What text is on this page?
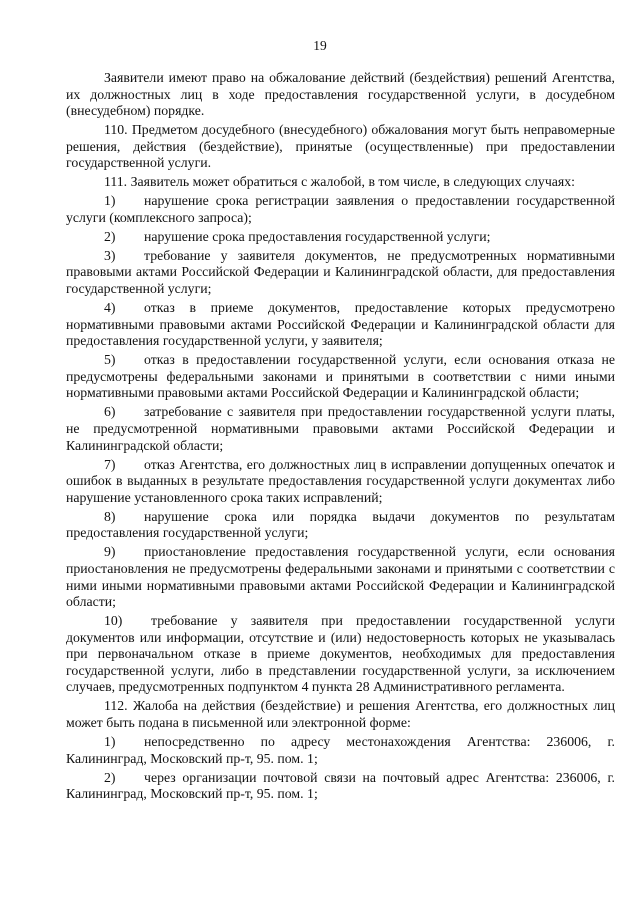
19

Заявители имеют право на обжалование действий (бездействия) решений Агентства, их должностных лиц в ходе предоставления государственной услуги, в досудебном (внесудебном) порядке.

110. Предметом досудебного (внесудебного) обжалования могут быть неправомерные решения, действия (бездействие), принятые (осуществленные) при предоставлении государственной услуги.

111. Заявитель может обратиться с жалобой, в том числе, в следующих случаях:

1) нарушение срока регистрации заявления о предоставлении государственной услуги (комплексного запроса);

2) нарушение срока предоставления государственной услуги;

3) требование у заявителя документов, не предусмотренных нормативными правовыми актами Российской Федерации и Калининградской области, для предоставления государственной услуги;

4) отказ в приеме документов, предоставление которых предусмотрено нормативными правовыми актами Российской Федерации и Калининградской области для предоставления государственной услуги, у заявителя;

5) отказ в предоставлении государственной услуги, если основания отказа не предусмотрены федеральными законами и принятыми в соответствии с ними иными нормативными правовыми актами Российской Федерации и Калининградской области;

6) затребование с заявителя при предоставлении государственной услуги платы, не предусмотренной нормативными правовыми актами Российской Федерации и Калининградской области;

7) отказ Агентства, его должностных лиц в исправлении допущенных опечаток и ошибок в выданных в результате предоставления государственной услуги документах либо нарушение установленного срока таких исправлений;

8) нарушение срока или порядка выдачи документов по результатам предоставления государственной услуги;

9) приостановление предоставления государственной услуги, если основания приостановления не предусмотрены федеральными законами и принятыми с соответствии с ними иными нормативными правовыми актами Российской Федерации и Калининградской области;

10) требование у заявителя при предоставлении государственной услуги документов или информации, отсутствие и (или) недостоверность которых не указывалась при первоначальном отказе в приеме документов, необходимых для предоставления государственной услуги, либо в представлении государственной услуги, за исключением случаев, предусмотренных подпунктом 4 пункта 28 Административного регламента.

112. Жалоба на действия (бездействие) и решения Агентства, его должностных лиц может быть подана в письменной или электронной форме:

1) непосредственно по адресу местонахождения Агентства: 236006, г. Калининград, Московский пр-т, 95. пом. 1;

2) через организации почтовой связи на почтовый адрес Агентства: 236006, г. Калининград, Московский пр-т, 95. пом. 1;
